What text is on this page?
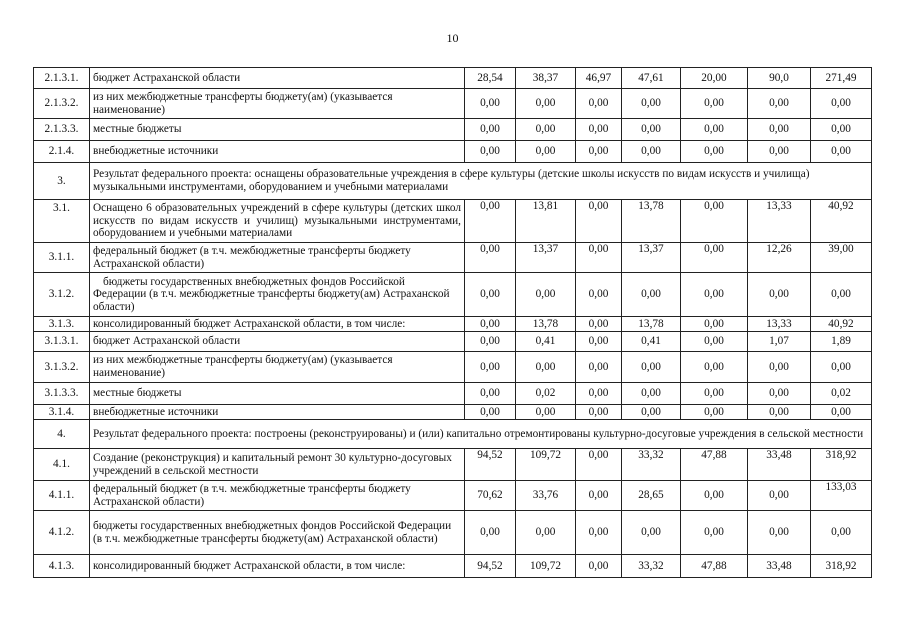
10
2.1.3.1.	бюджет Астраханской области	28,54	38,37	46,97	47,61	20,00	90,0	271,49
2.1.3.2.	из них межбюджетные трансферты бюджету(ам) (указывается наименование)	0,00	0,00	0,00	0,00	0,00	0,00	0,00
2.1.3.3.	местные бюджеты	0,00	0,00	0,00	0,00	0,00	0,00	0,00
2.1.4.	внебюджетные источники	0,00	0,00	0,00	0,00	0,00	0,00	0,00
3.	Результат федерального проекта: оснащены образовательные учреждения в сфере культуры (детские школы искусств по видам искусств и училища) музыкальными инструментами, оборудованием и учебными материалами							
3.1.	Оснащено 6 образовательных учреждений в сфере культуры (детских школ искусств по видам искусств и училищ) музыкальными инструментами, оборудованием и учебными материалами	0,00	13,81	0,00	13,78	0,00	13,33	40,92
3.1.1.	федеральный бюджет (в т.ч. межбюджетные трансферты бюджету Астраханской области)	0,00	13,37	0,00	13,37	0,00	12,26	39,00
3.1.2.	бюджеты государственных внебюджетных фондов Российской Федерации (в т.ч. межбюджетные трансферты бюджету(ам) Астраханской области)	0,00	0,00	0,00	0,00	0,00	0,00	0,00
3.1.3.	консолидированный бюджет Астраханской области, в том числе:	0,00	13,78	0,00	13,78	0,00	13,33	40,92
3.1.3.1.	бюджет Астраханской области	0,00	0,41	0,00	0,41	0,00	1,07	1,89
3.1.3.2.	из них межбюджетные трансферты бюджету(ам) (указывается наименование)	0,00	0,00	0,00	0,00	0,00	0,00	0,00
3.1.3.3.	местные бюджеты	0,00	0,02	0,00	0,00	0,00	0,00	0,02
3.1.4.	внебюджетные источники	0,00	0,00	0,00	0,00	0,00	0,00	0,00
4.	Результат федерального проекта: построены (реконструированы) и (или) капитально отремонтированы культурно-досуговые учреждения в сельской местности							
4.1.	Создание (реконструкция) и капитальный ремонт 30 культурно-досуговых учреждений в сельской местности	94,52	109,72	0,00	33,32	47,88	33,48	318,92
4.1.1.	федеральный бюджет (в т.ч. межбюджетные трансферты бюджету Астраханской области)	70,62	33,76	0,00	28,65	0,00	0,00	133,03
4.1.2.	бюджеты государственных внебюджетных фондов Российской Федерации (в т.ч. межбюджетные трансферты бюджету(ам) Астраханской области)	0,00	0,00	0,00	0,00	0,00	0,00	0,00
4.1.3.	консолидированный бюджет Астраханской области, в том числе:	94,52	109,72	0,00	33,32	47,88	33,48	318,92
